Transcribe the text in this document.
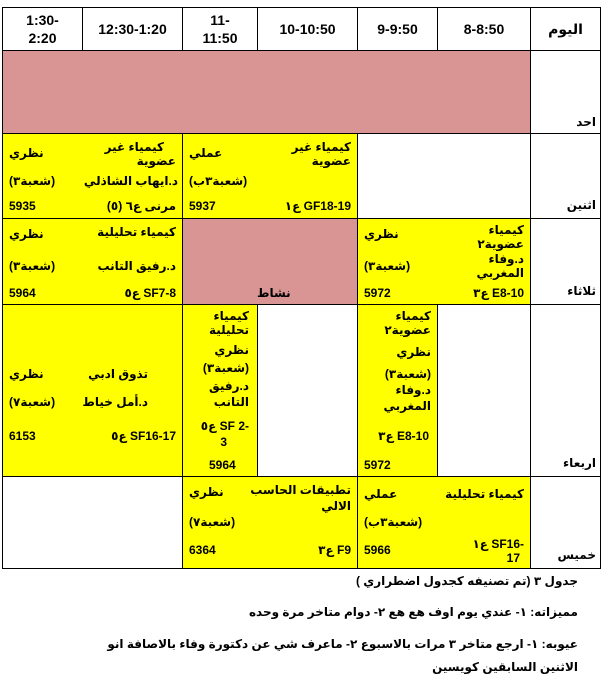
اليوم
8-8:50
9-9:50
10-10:50
11-
11:50
12:30-1:20
1:30-
2:20
احد
اثنين
كيمياء غير
عضوية
عملي
(شعبة٣ب)
ع١ GF18-19
5937
كيمياء غير
عضوية
نظري
د.ايهاب الشاذلي
(شعبة٣)
مرنى ع٦ (٥)
5935
ثلاثاء
كيمياء
عضوية٢
نظري
د.وفاء
المغربي
(شعبة٣)
ع٣ E8-10
5972
نشاط
كيمياء تحليلية
نظري
د.رفيق التانب
(شعبة٣)
ع٥ SF7-8
5964
اربعاء
كيمياء
عضوية٢
نظري
(شعبة٣)
د.وفاء
المغربي
ع٣ E8-10
5972
كيمياء
تحليلية
نظري
(شعبة٣)
د.رفيق
التانب
ع٥ SF 2-
3
5964
تذوق ادبي
نظري
د.أمل خياط
(شعبة٧)
ع٥ SF16-17
6153
خميس
كيمياء تحليلية
عملي
(شعبة٣ب)
ع١ SF16-
17
5966
تطبيقات الحاسب
الالي
نظري
(شعبة٧)
ع٣ F9
6364
جدول ٣ (تم تصنيفه كجدول اضطراري )
مميزاته: ١- عندي يوم اوف هع هع ٢- دوام متاخر مرة وحده
عيوبه: ١- ارجع متاخر ٣ مرات بالاسبوع ٢- ماعرف شي عن دكتورة وفاء بالاصافة انو
الاثنين السابقين كويسين
